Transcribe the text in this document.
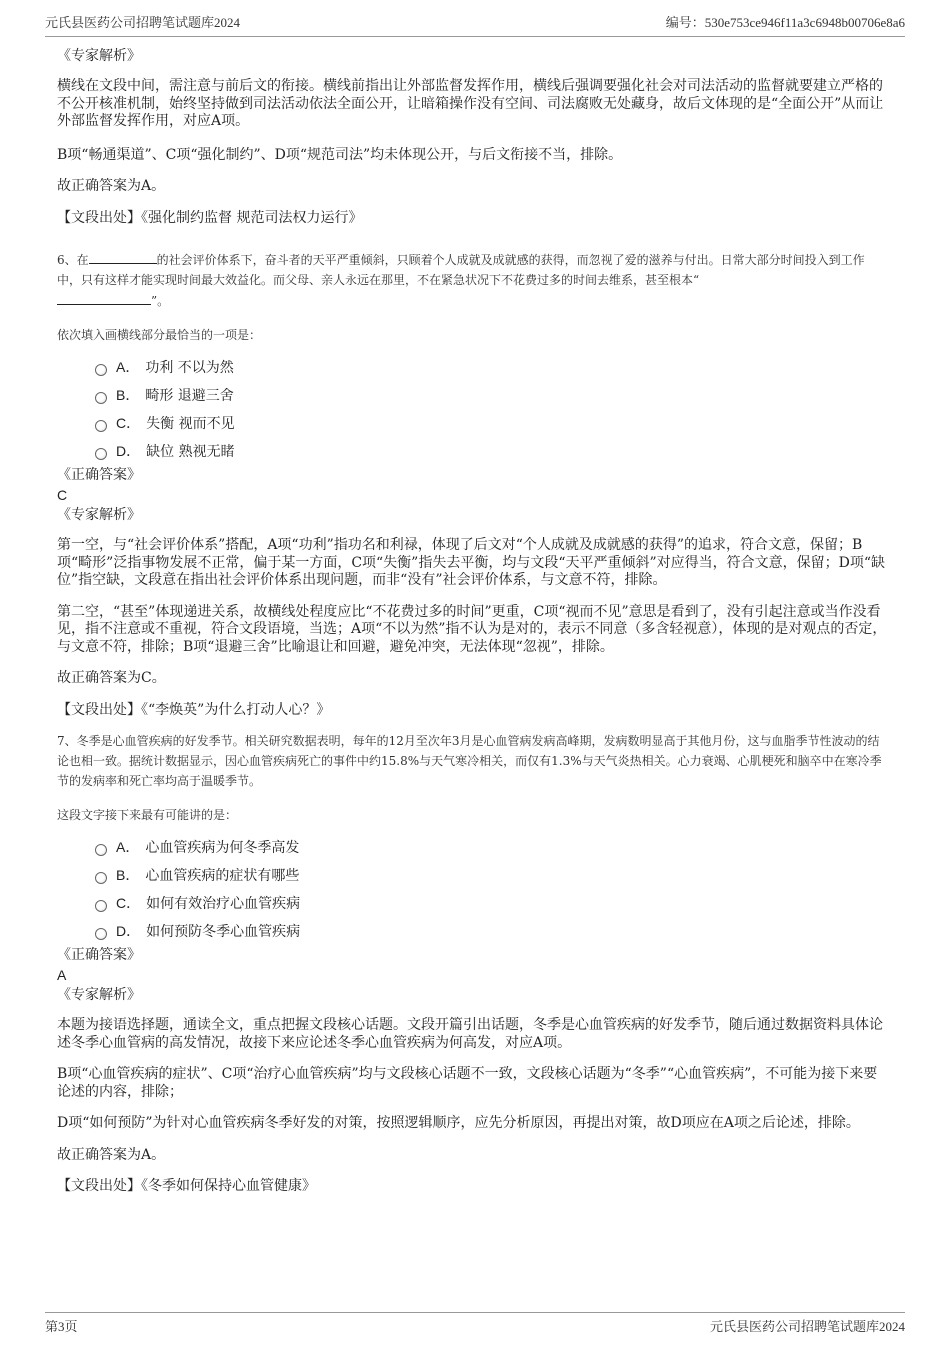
元氏县医药公司招聘笔试题库2024	编号：530e753ce946f11a3c6948b00706e8a6

《专家解析》

横线在文段中间，需注意与前后文的衔接。横线前指出让外部监督发挥作用，横线后强调要强化社会对司法活动的监督就要建立严格的不公开核准机制，始终坚持做到司法活动依法全面公开，让暗箱操作没有空间、司法腐败无处藏身，故后文体现的是“全面公开”从而让外部监督发挥作用，对应A项。

B项“畅通渠道”、C项“强化制约”、D项“规范司法”均未体现公开，与后文衔接不当，排除。

故正确答案为A。

【文段出处】《强化制约监督 规范司法权力运行》

6、在	的社会评价体系下，奋斗者的天平严重倾斜，只顾着个人成就及成就感的获得，而忽视了爱的滋养与付出。日常大部分时间投入到工作中，只有这样才能实现时间最大效益化。而父母、亲人永远在那里，不在紧急状况下不花费过多的时间去维系，甚至根本“
”。

依次填入画横线部分最恰当的一项是：

A． 功利 不以为然
B． 畸形 退避三舍
C． 失衡 视而不见
D． 缺位 熟视无睹

《正确答案》

C

《专家解析》

第一空，与“社会评价体系”搭配，A项“功利”指功名和利禄，体现了后文对“个人成就及成就感的获得”的追求，符合文意，保留；B项“畸形”泛指事物发展不正常，偏于某一方面，C项“失衡”指失去平衡，均与文段“天平严重倾斜”对应得当，符合文意，保留；D项“缺位”指空缺，文段意在指出社会评价体系出现问题，而非“没有”社会评价体系，与文意不符，排除。

第二空，“甚至”体现递进关系，故横线处程度应比“不花费过多的时间”更重，C项“视而不见”意思是看到了，没有引起注意或当作没看见，指不注意或不重视，符合文段语境，当选；A项“不以为然”指不认为是对的，表示不同意（多含轻视意），体现的是对观点的否定，与文意不符，排除；B项“退避三舍”比喻退让和回避，避免冲突，无法体现“忽视”，排除。

故正确答案为C。

【文段出处】《“李焕英”为什么打动人心？》

7、冬季是心血管疾病的好发季节。相关研究数据表明，每年的12月至次年3月是心血管病发病高峰期，发病数明显高于其他月份，这与血脂季节性波动的结论也相一致。据统计数据显示，因心血管疾病死亡的事件中约15.8%与天气寒冷相关，而仅有1.3%与天气炎热相关。心力衰竭、心肌梗死和脑卒中在寒冷季节的发病率和死亡率均高于温暖季节。

这段文字接下来最有可能讲的是：

A． 心血管疾病为何冬季高发
B． 心血管疾病的症状有哪些
C． 如何有效治疗心血管疾病
D． 如何预防冬季心血管疾病

《正确答案》

A

《专家解析》

本题为接语选择题，通读全文，重点把握文段核心话题。文段开篇引出话题，冬季是心血管疾病的好发季节，随后通过数据资料具体论述冬季心血管病的高发情况，故接下来应论述冬季心血管疾病为何高发，对应A项。

B项“心血管疾病的症状”、C项“治疗心血管疾病”均与文段核心话题不一致，文段核心话题为“冬季”“心血管疾病”，不可能为接下来要论述的内容，排除；

D项“如何预防”为针对心血管疾病冬季好发的对策，按照逻辑顺序，应先分析原因，再提出对策，故D项应在A项之后论述，排除。

故正确答案为A。

【文段出处】《冬季如何保持心血管健康》

第3页	元氏县医药公司招聘笔试题库2024
